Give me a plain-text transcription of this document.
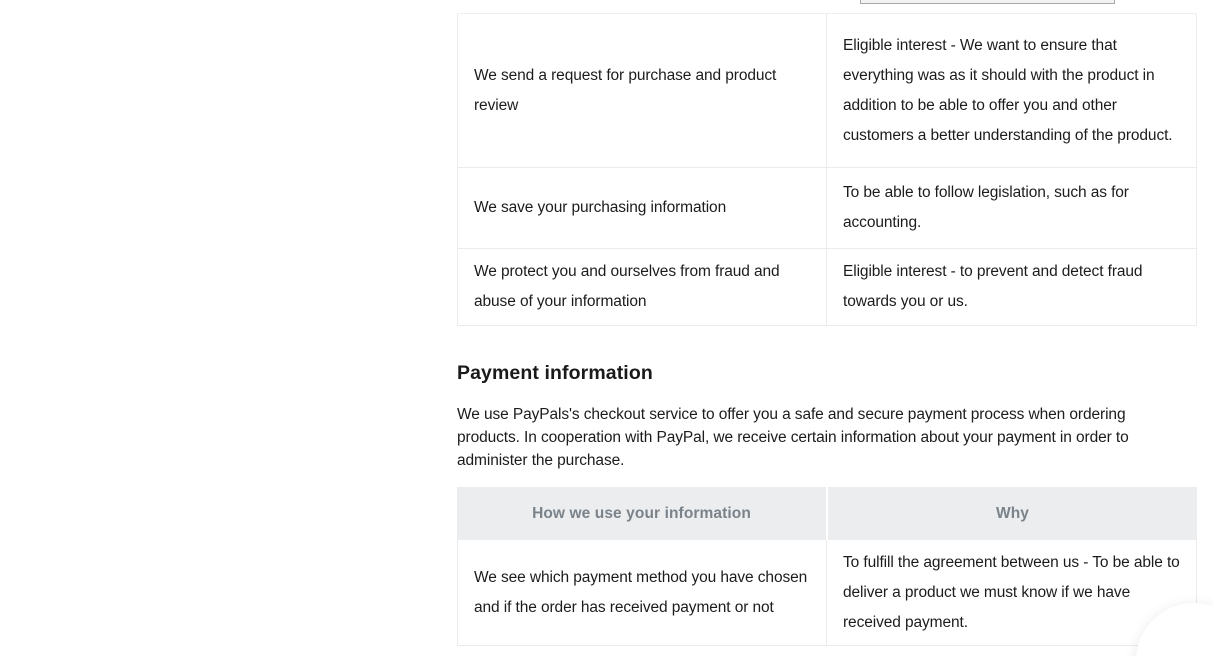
We send a request for purchase and product review

Eligible interest - We want to ensure that everything was as it should with the product in addition to be able to offer you and other customers a better understanding of the product.

We save your purchasing information

To be able to follow legislation, such as for accounting.

We protect you and ourselves from fraud and abuse of your information

Eligible interest - to prevent and detect fraud towards you or us.

Payment information

We use PayPals's checkout service to offer you a safe and secure payment process when ordering products. In cooperation with PayPal, we receive certain information about your payment in order to administer the purchase.

How we use your information	Why

We see which payment method you have chosen and if the order has received payment or not

To fulfill the agreement between us - To be able to deliver a product we must know if we have received payment.
